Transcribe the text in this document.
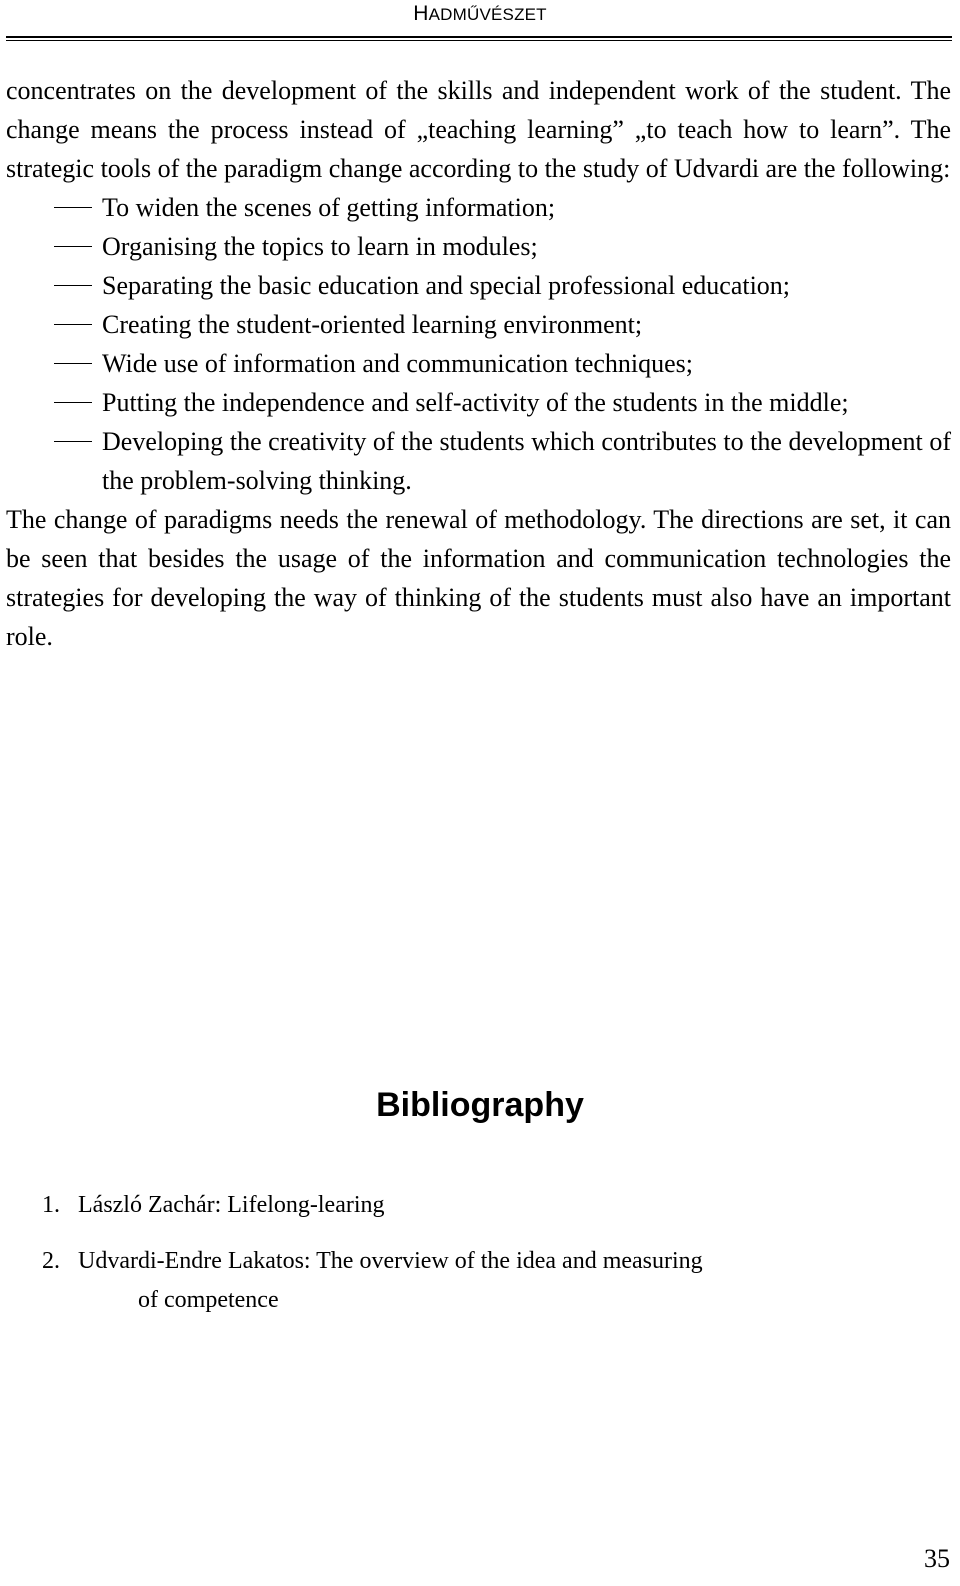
HADMŰVÉSZET

concentrates on the development of the skills and independent work of the student. The change means the process instead of „teaching learning” „to teach how to learn”. The strategic tools of the paradigm change according to the study of Udvardi are the following:

To widen the scenes of getting information;
Organising the topics to learn in modules;
Separating the basic education and special professional education;
Creating the student-oriented learning environment;
Wide use of information and communication techniques;
Putting the independence and self-activity of the students in the middle;
Developing the creativity of the students which contributes to the development of the problem-solving thinking.

The change of paradigms needs the renewal of methodology. The directions are set, it can be seen that besides the usage of the information and communication technologies the strategies for developing the way of thinking of the students must also have an important role.

Bibliography
1. László Zachár: Lifelong-learing
2. Udvardi-Endre Lakatos: The overview of the idea and measuring
of competence
35
